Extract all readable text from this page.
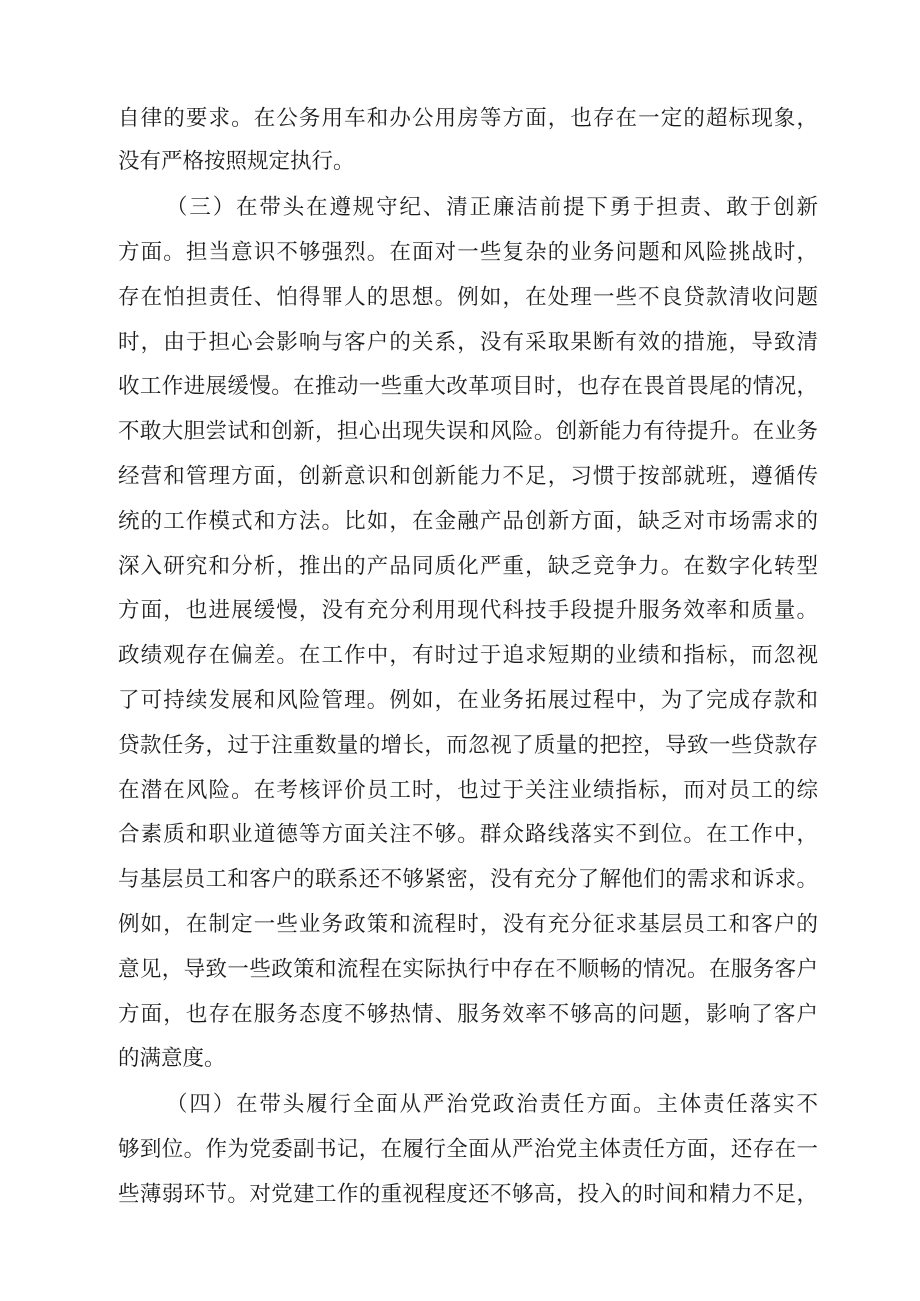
自律的要求。在公务用车和办公用房等方面，也存在一定的超标现象，
没有严格按照规定执行。
（三）在带头在遵规守纪、清正廉洁前提下勇于担责、敢于创新
方面。担当意识不够强烈。在面对一些复杂的业务问题和风险挑战时，
存在怕担责任、怕得罪人的思想。例如，在处理一些不良贷款清收问题
时，由于担心会影响与客户的关系，没有采取果断有效的措施，导致清
收工作进展缓慢。在推动一些重大改革项目时，也存在畏首畏尾的情况，
不敢大胆尝试和创新，担心出现失误和风险。创新能力有待提升。在业务
经营和管理方面，创新意识和创新能力不足，习惯于按部就班，遵循传
统的工作模式和方法。比如，在金融产品创新方面，缺乏对市场需求的
深入研究和分析，推出的产品同质化严重，缺乏竞争力。在数字化转型
方面，也进展缓慢，没有充分利用现代科技手段提升服务效率和质量。
政绩观存在偏差。在工作中，有时过于追求短期的业绩和指标，而忽视
了可持续发展和风险管理。例如，在业务拓展过程中，为了完成存款和
贷款任务，过于注重数量的增长，而忽视了质量的把控，导致一些贷款存
在潜在风险。在考核评价员工时，也过于关注业绩指标，而对员工的综
合素质和职业道德等方面关注不够。群众路线落实不到位。在工作中，
与基层员工和客户的联系还不够紧密，没有充分了解他们的需求和诉求。
例如，在制定一些业务政策和流程时，没有充分征求基层员工和客户的
意见，导致一些政策和流程在实际执行中存在不顺畅的情况。在服务客户
方面，也存在服务态度不够热情、服务效率不够高的问题，影响了客户
的满意度。
（四）在带头履行全面从严治党政治责任方面。主体责任落实不
够到位。作为党委副书记，在履行全面从严治党主体责任方面，还存在一
些薄弱环节。对党建工作的重视程度还不够高，投入的时间和精力不足，
